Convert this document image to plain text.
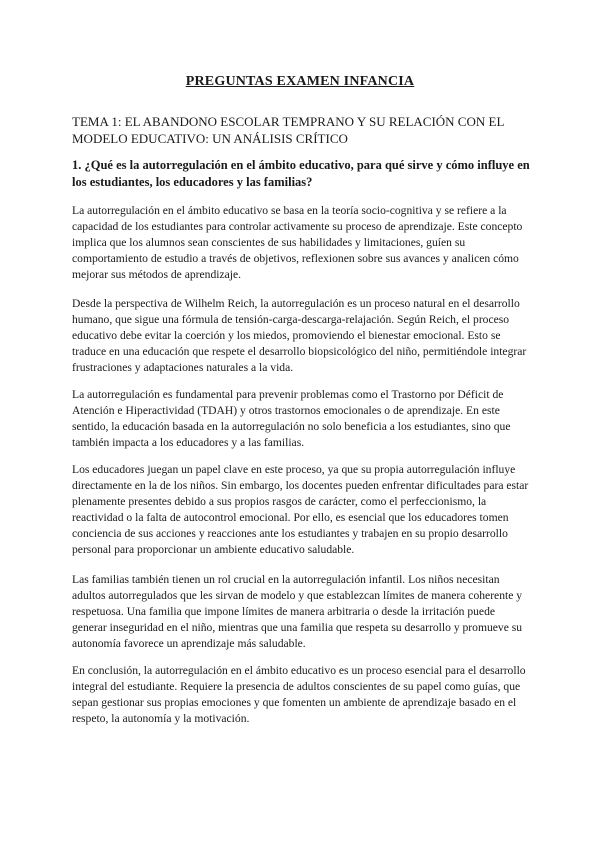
PREGUNTAS EXAMEN INFANCIA
TEMA 1: EL ABANDONO ESCOLAR TEMPRANO Y SU RELACIÓN CON EL MODELO EDUCATIVO: UN ANÁLISIS CRÍTICO
1. ¿Qué es la autorregulación en el ámbito educativo, para qué sirve y cómo influye en los estudiantes, los educadores y las familias?

La autorregulación en el ámbito educativo se basa en la teoría socio-cognitiva y se refiere a la capacidad de los estudiantes para controlar activamente su proceso de aprendizaje. Este concepto implica que los alumnos sean conscientes de sus habilidades y limitaciones, guíen su comportamiento de estudio a través de objetivos, reflexionen sobre sus avances y analicen cómo mejorar sus métodos de aprendizaje.

Desde la perspectiva de Wilhelm Reich, la autorregulación es un proceso natural en el desarrollo humano, que sigue una fórmula de tensión-carga-descarga-relajación. Según Reich, el proceso educativo debe evitar la coerción y los miedos, promoviendo el bienestar emocional. Esto se traduce en una educación que respete el desarrollo biopsicológico del niño, permitiéndole integrar frustraciones y adaptaciones naturales a la vida.

La autorregulación es fundamental para prevenir problemas como el Trastorno por Déficit de Atención e Hiperactividad (TDAH) y otros trastornos emocionales o de aprendizaje. En este sentido, la educación basada en la autorregulación no solo beneficia a los estudiantes, sino que también impacta a los educadores y a las familias.

Los educadores juegan un papel clave en este proceso, ya que su propia autorregulación influye directamente en la de los niños. Sin embargo, los docentes pueden enfrentar dificultades para estar plenamente presentes debido a sus propios rasgos de carácter, como el perfeccionismo, la reactividad o la falta de autocontrol emocional. Por ello, es esencial que los educadores tomen conciencia de sus acciones y reacciones ante los estudiantes y trabajen en su propio desarrollo personal para proporcionar un ambiente educativo saludable.

Las familias también tienen un rol crucial en la autorregulación infantil. Los niños necesitan adultos autorregulados que les sirvan de modelo y que establezcan límites de manera coherente y respetuosa. Una familia que impone límites de manera arbitraria o desde la irritación puede generar inseguridad en el niño, mientras que una familia que respeta su desarrollo y promueve su autonomía favorece un aprendizaje más saludable.

En conclusión, la autorregulación en el ámbito educativo es un proceso esencial para el desarrollo integral del estudiante. Requiere la presencia de adultos conscientes de su papel como guías, que sepan gestionar sus propias emociones y que fomenten un ambiente de aprendizaje basado en el respeto, la autonomía y la motivación.
